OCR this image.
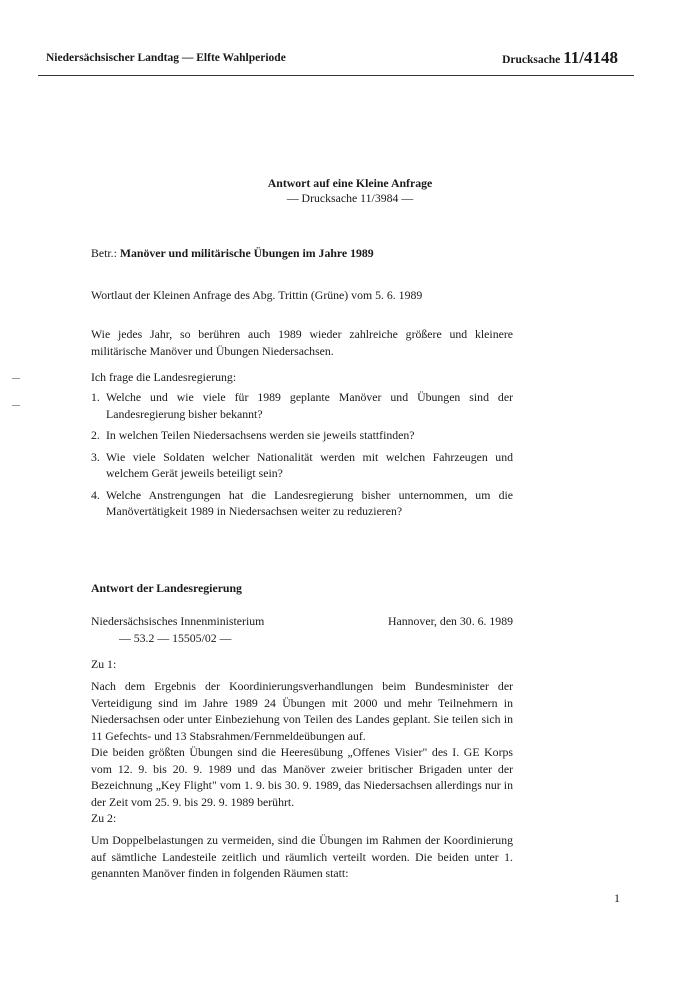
Niedersächsischer Landtag — Elfte Wahlperiode	Drucksache 11/4148
Antwort auf eine Kleine Anfrage
— Drucksache 11/3984 —
Betr.: Manöver und militärische Übungen im Jahre 1989
Wortlaut der Kleinen Anfrage des Abg. Trittin (Grüne) vom 5. 6. 1989
Wie jedes Jahr, so berühren auch 1989 wieder zahlreiche größere und kleinere militärische Manöver und Übungen Niedersachsen.
Ich frage die Landesregierung:
1. Welche und wie viele für 1989 geplante Manöver und Übungen sind der Landesregierung bisher bekannt?
2. In welchen Teilen Niedersachsens werden sie jeweils stattfinden?
3. Wie viele Soldaten welcher Nationalität werden mit welchen Fahrzeugen und welchem Gerät jeweils beteiligt sein?
4. Welche Anstrengungen hat die Landesregierung bisher unternommen, um die Manövertätigkeit 1989 in Niedersachsen weiter zu reduzieren?
Antwort der Landesregierung
Niedersächsisches Innenministerium	Hannover, den 30. 6. 1989
— 53.2 — 15505/02 —
Zu 1:
Nach dem Ergebnis der Koordinierungsverhandlungen beim Bundesminister der Verteidigung sind im Jahre 1989 24 Übungen mit 2000 und mehr Teilnehmern in Niedersachsen oder unter Einbeziehung von Teilen des Landes geplant. Sie teilen sich in 11 Gefechts- und 13 Stabsrahmen/Fernmeldeübungen auf.
Die beiden größten Übungen sind die Heeresübung „Offenes Visier" des I. GE Korps vom 12. 9. bis 20. 9. 1989 und das Manöver zweier britischer Brigaden unter der Bezeichnung „Key Flight" vom 1. 9. bis 30. 9. 1989, das Niedersachsen allerdings nur in der Zeit vom 25. 9. bis 29. 9. 1989 berührt.
Zu 2:
Um Doppelbelastungen zu vermeiden, sind die Übungen im Rahmen der Koordinierung auf sämtliche Landesteile zeitlich und räumlich verteilt worden. Die beiden unter 1. genannten Manöver finden in folgenden Räumen statt:
1
